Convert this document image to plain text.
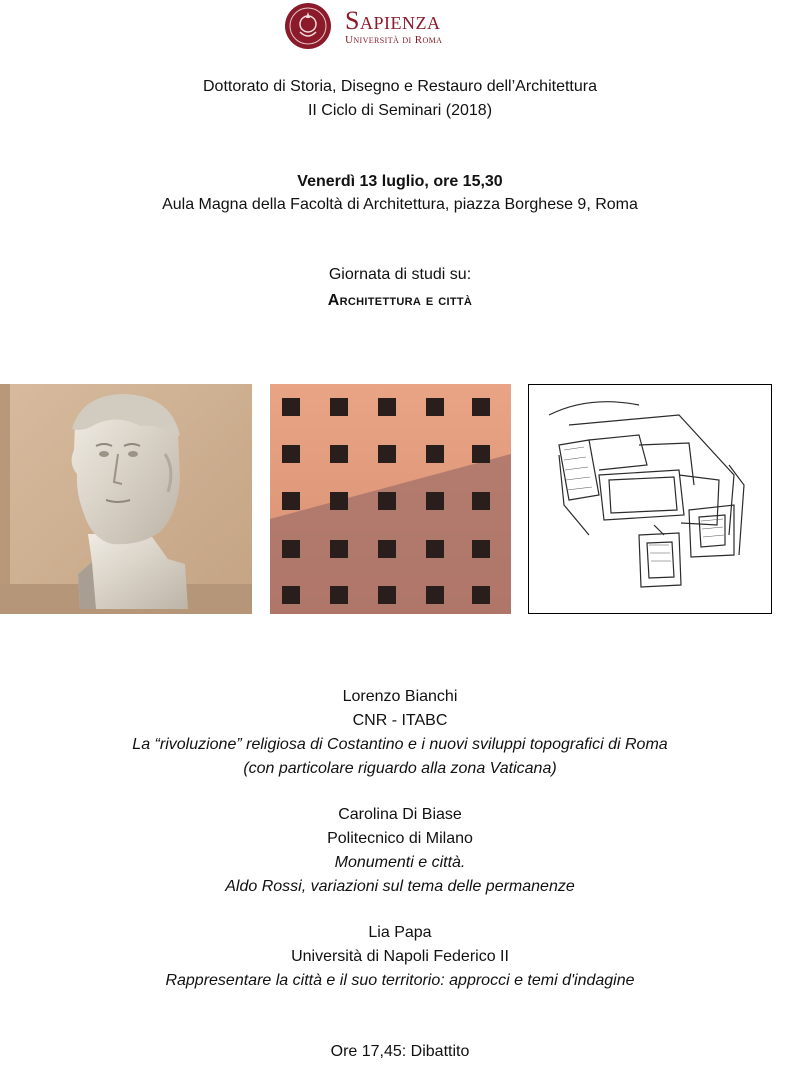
Sapienza
Università di Roma
Dottorato di Storia, Disegno e Restauro dell’Architettura
II Ciclo di Seminari (2018)
Venerdì 13 luglio, ore 15,30
Aula Magna della Facoltà di Architettura, piazza Borghese 9, Roma
Giornata di studi su:
Architettura e città
Lorenzo Bianchi
CNR - ITABC
La “rivoluzione” religiosa di Costantino e i nuovi sviluppi topografici di Roma
(con particolare riguardo alla zona Vaticana)
Carolina Di Biase
Politecnico di Milano
Monumenti e città.
Aldo Rossi, variazioni sul tema delle permanenze
Lia Papa
Università di Napoli Federico II
Rappresentare la città e il suo territorio: approcci e temi d'indagine
Ore 17,45: Dibattito
